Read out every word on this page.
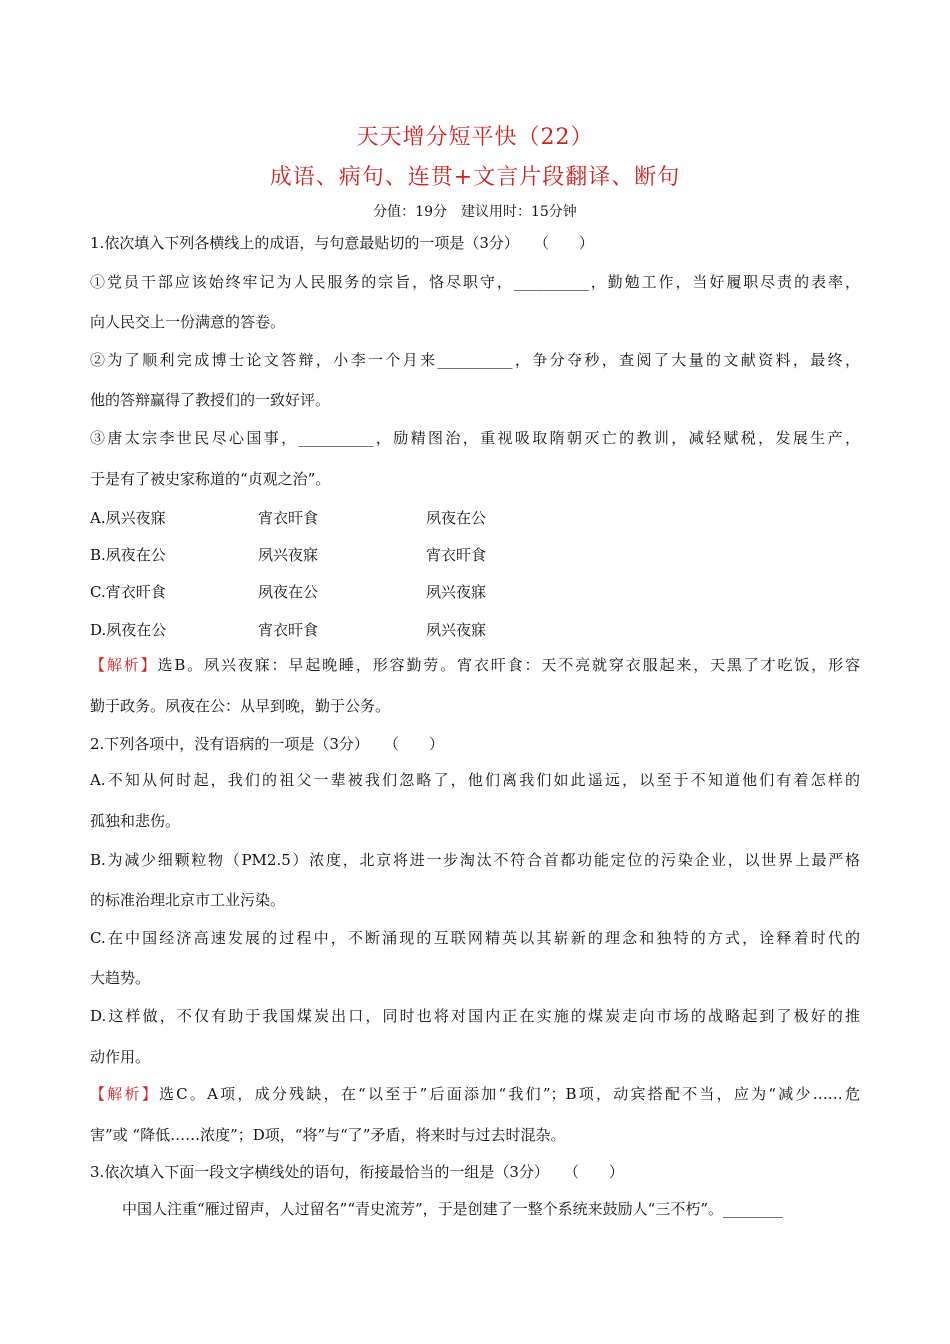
天天增分短平快（22）
成语、病句、连贯+文言片段翻译、断句
分值：19分　建议用时：15分钟
1.依次填入下列各横线上的成语，与句意最贴切的一项是（3分）　　（　　）
①党员干部应该始终牢记为人民服务的宗旨，恪尽职守，__________，勤勉工作，当好履职尽责的表率，
向人民交上一份满意的答卷。
②为了顺利完成博士论文答辩，小李一个月来__________，争分夺秒，查阅了大量的文献资料，最终，
他的答辩赢得了教授们的一致好评。
③唐太宗李世民尽心国事，__________，励精图治，重视吸取隋朝灭亡的教训，减轻赋税，发展生产，
于是有了被史家称道的“贞观之治”。
A.夙兴夜寐	宵衣旰食	夙夜在公
B.夙夜在公	夙兴夜寐	宵衣旰食
C.宵衣旰食	夙夜在公	夙兴夜寐
D.夙夜在公	宵衣旰食	夙兴夜寐
【解析】选B。夙兴夜寐：早起晚睡，形容勤劳。宵衣旰食：天不亮就穿衣服起来，天黑了才吃饭，形容
勤于政务。夙夜在公：从早到晚，勤于公务。
2.下列各项中，没有语病的一项是（3分）　　（　　）
A.不知从何时起，我们的祖父一辈被我们忽略了，他们离我们如此遥远，以至于不知道他们有着怎样的
孤独和悲伤。
B.为减少细颗粒物（PM2.5）浓度，北京将进一步淘汰不符合首都功能定位的污染企业，以世界上最严格
的标准治理北京市工业污染。
C.在中国经济高速发展的过程中，不断涌现的互联网精英以其崭新的理念和独特的方式，诠释着时代的
大趋势。
D.这样做，不仅有助于我国煤炭出口，同时也将对国内正在实施的煤炭走向市场的战略起到了极好的推
动作用。
【解析】选C。A项，成分残缺，在“以至于”后面添加“我们”；B项，动宾搭配不当，应为“减少……危
害”或 “降低……浓度”；D项，“将”与“了”矛盾，将来时与过去时混杂。
3.依次填入下面一段文字横线处的语句，衔接最恰当的一组是（3分）　　（　　）
中国人注重“雁过留声，人过留名”“青史流芳”，于是创建了一整个系统来鼓励人“三不朽”。________
